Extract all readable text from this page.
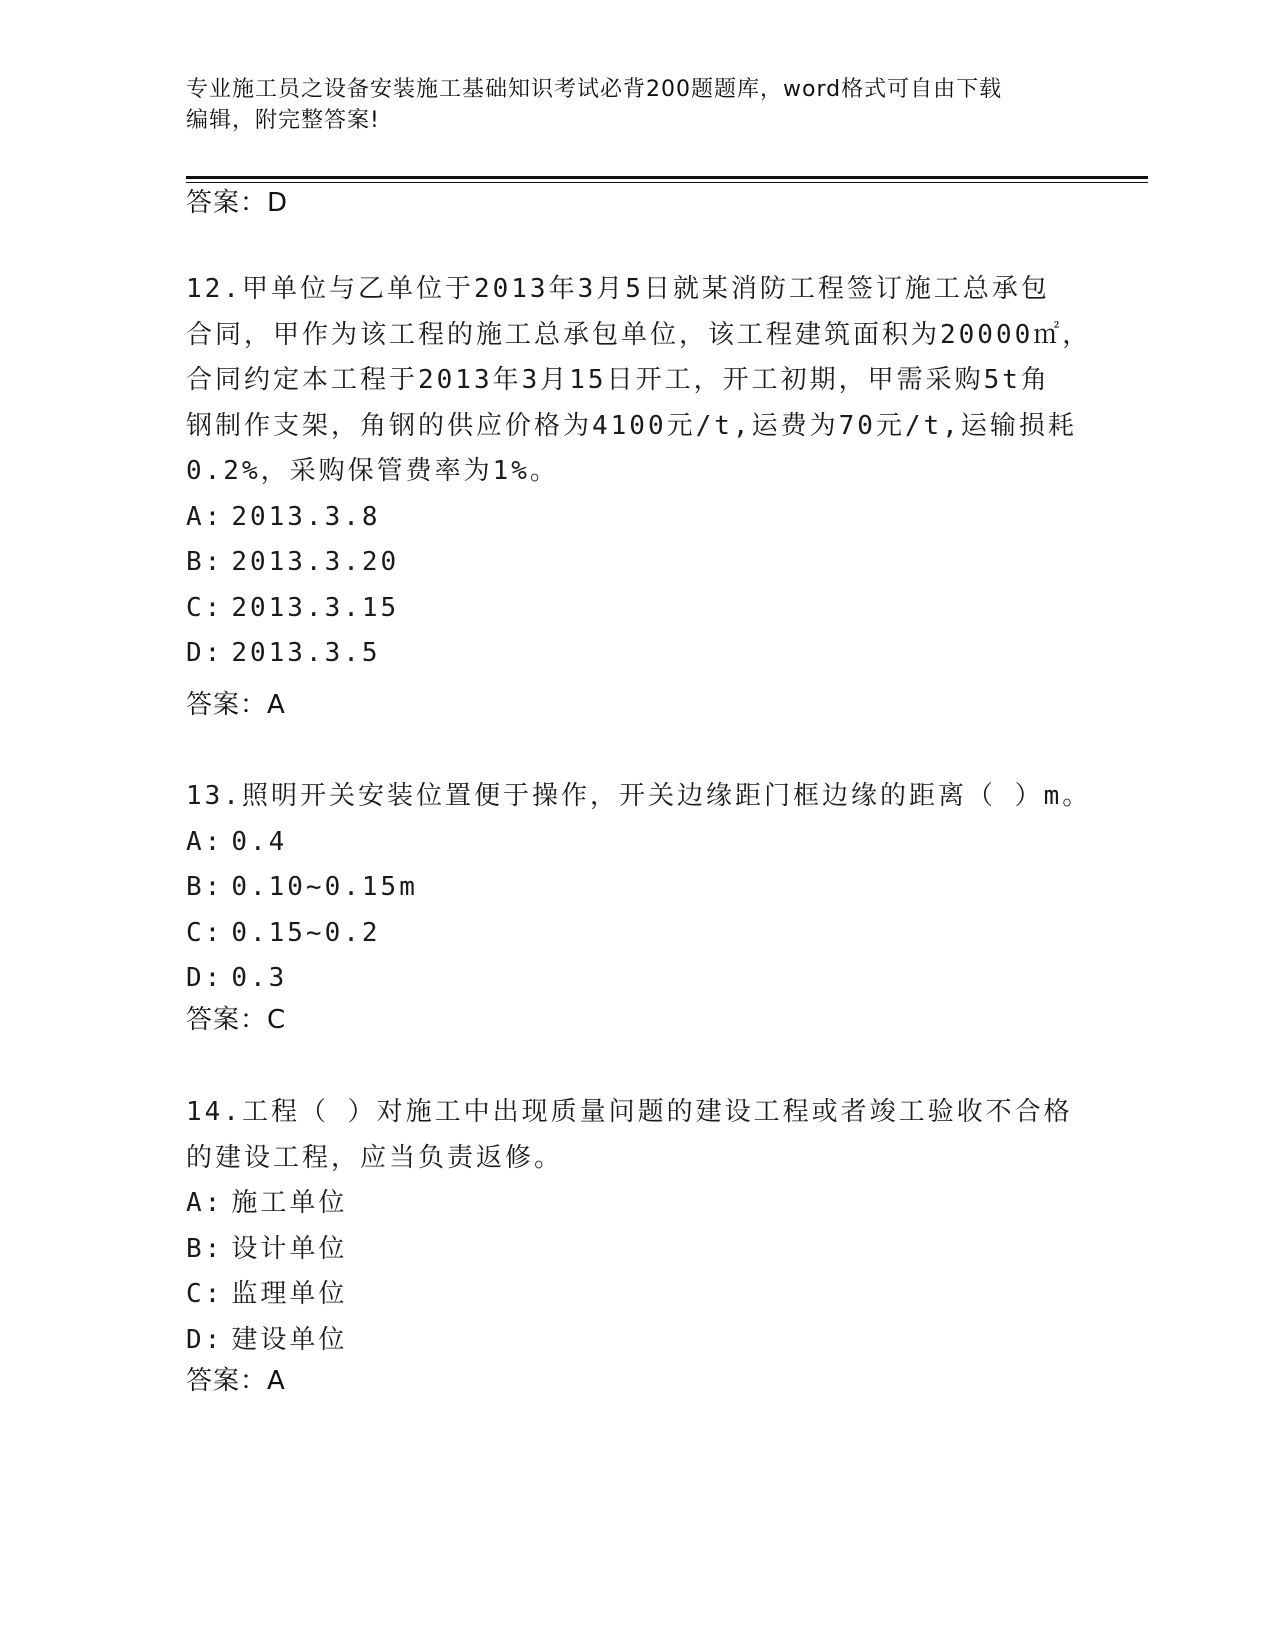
专业施工员之设备安装施工基础知识考试必背200题题库，word格式可自由下载
编辑，附完整答案!
答案：D
12.甲单位与乙单位于2013年3月5日就某消防工程签订施工总承包
合同，甲作为该工程的施工总承包单位，该工程建筑面积为20000㎡，
合同约定本工程于2013年3月15日开工，开工初期，甲需采购5t角
钢制作支架，角钢的供应价格为4100元/t,运费为70元/t,运输损耗
0.2%，采购保管费率为1%。
A: 2013.3.8
B: 2013.3.20
C: 2013.3.15
D: 2013.3.5
答案：A
13.照明开关安装位置便于操作，开关边缘距门框边缘的距离（ ）m。
A: 0.4
B: 0.10~0.15m
C: 0.15~0.2
D: 0.3
答案：C
14.工程（ ）对施工中出现质量问题的建设工程或者竣工验收不合格
的建设工程，应当负责返修。
A: 施工单位
B: 设计单位
C: 监理单位
D: 建设单位
答案：A
